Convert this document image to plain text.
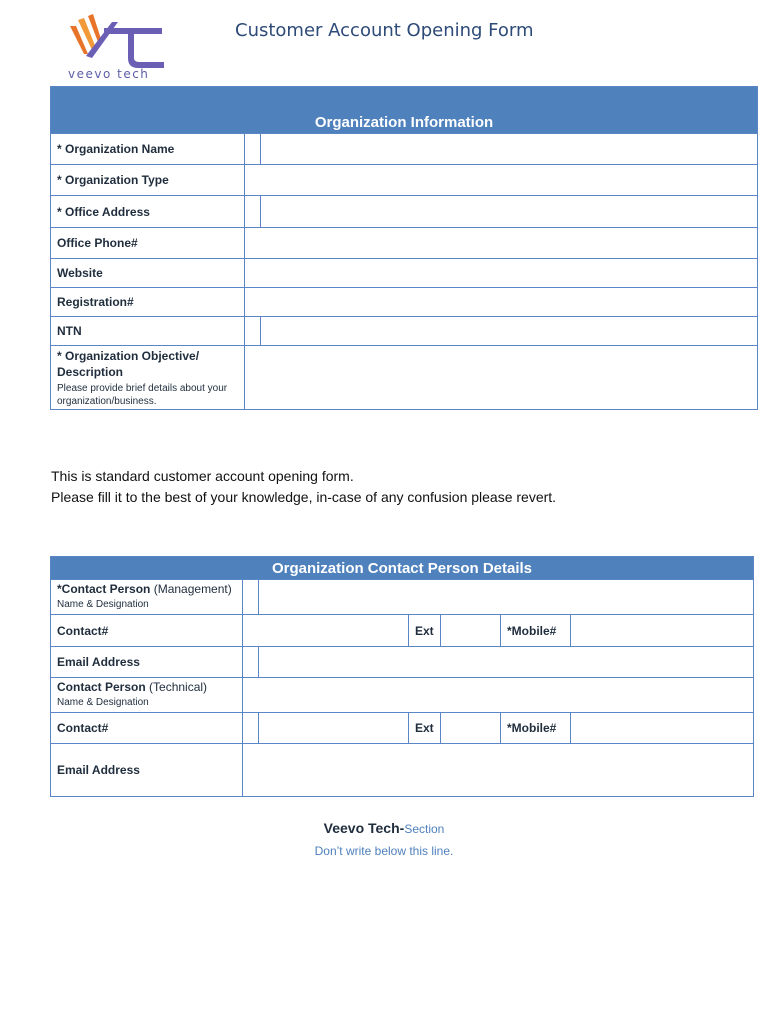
veevo tech
Customer Account Opening Form
Organization Information		
* Organization Name		
* Organization Type		
* Office Address		
Office Phone#		
Website		
Registration#		
NTN		
* Organization Objective/ Description
Please provide brief details about your organization/business.		

This is standard customer account opening form.
Please fill it to the best of your knowledge, in-case of any confusion please revert.
Organization Contact Person Details						
*Contact Person (Management)
Name & Designation						

Contact#			Ext		*Mobile#	
Email Address						
Contact Person (Technical)
Name & Designation						

Contact#			Ext		*Mobile#	
Email Address						
Veevo Tech-Section
Don’t write below this line.
